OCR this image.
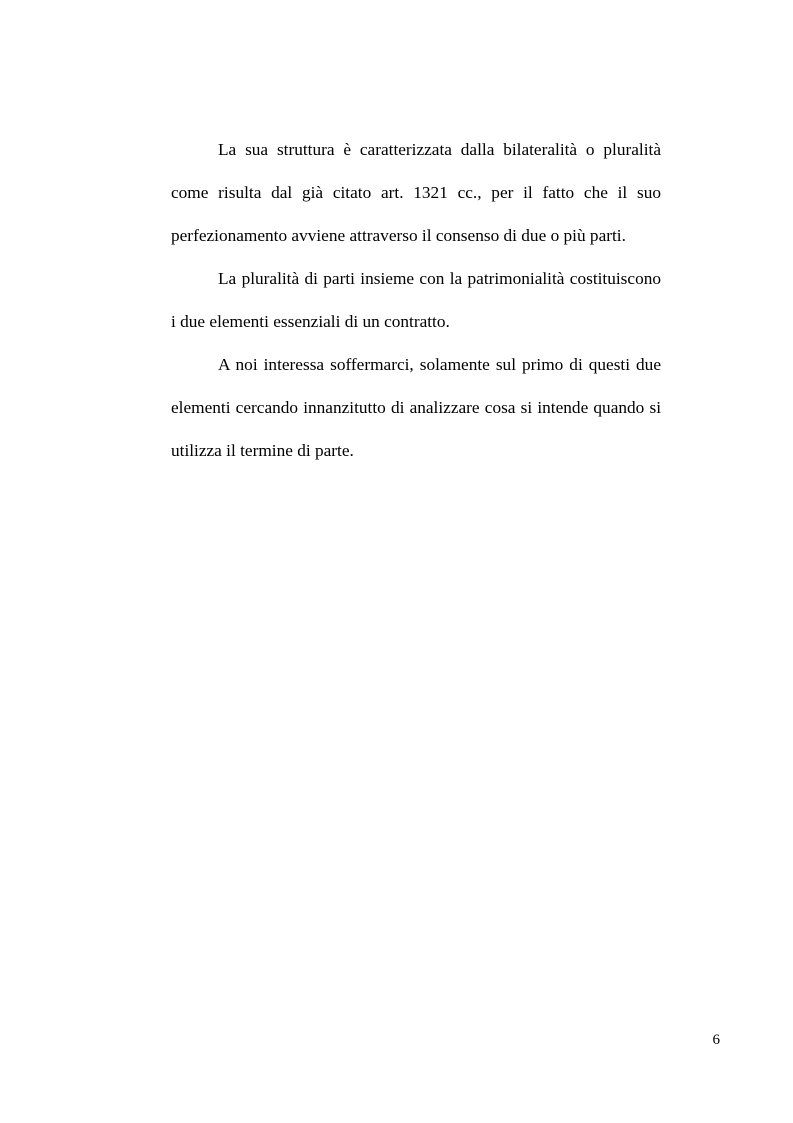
La sua struttura è caratterizzata dalla bilateralità o pluralità come risulta dal già citato art. 1321 cc., per il fatto che il suo perfezionamento avviene attraverso il consenso di due o più parti.

La pluralità di parti insieme con la patrimonialità costituiscono i due elementi essenziali di un contratto.

A noi interessa soffermarci, solamente sul primo di questi due elementi cercando innanzitutto di analizzare cosa si intende quando si utilizza il termine di parte.

6
